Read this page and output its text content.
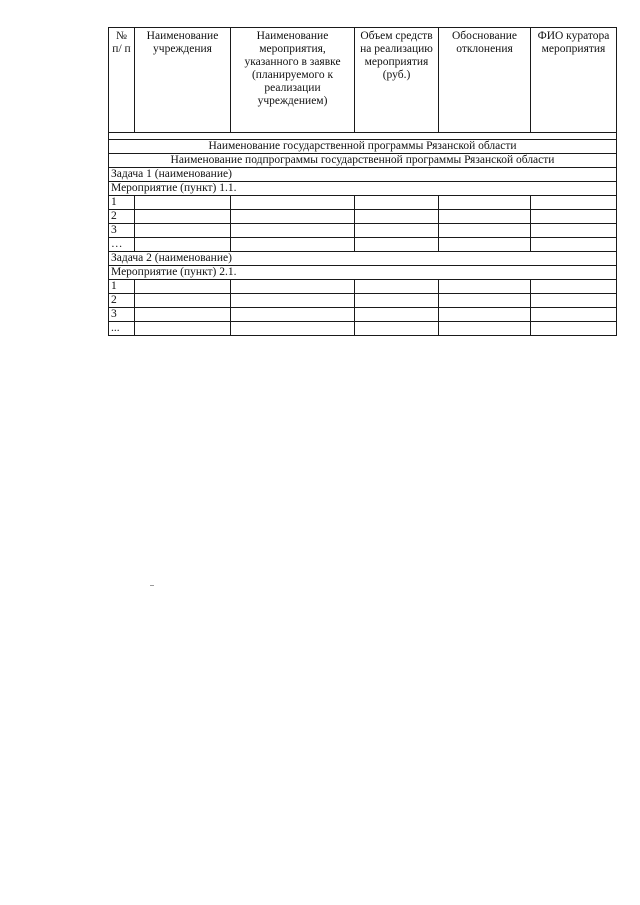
№ п/ п	Наименование учреждения	Наименование мероприятия, указанного в заявке (планируемого к реализации учреждением)	Объем средств на реализацию мероприятия (руб.)	Обоснование отклонения	ФИО куратора мероприятия

Наименование государственной программы Рязанской области					
Наименование подпрограммы государственной программы Рязанской области					
Задача 1 (наименование)					
Мероприятие (пункт) 1.1.					
1					
2					
3					
…					
Задача 2 (наименование)					
Мероприятие (пункт) 2.1.					
1					
2					
3					
...					
